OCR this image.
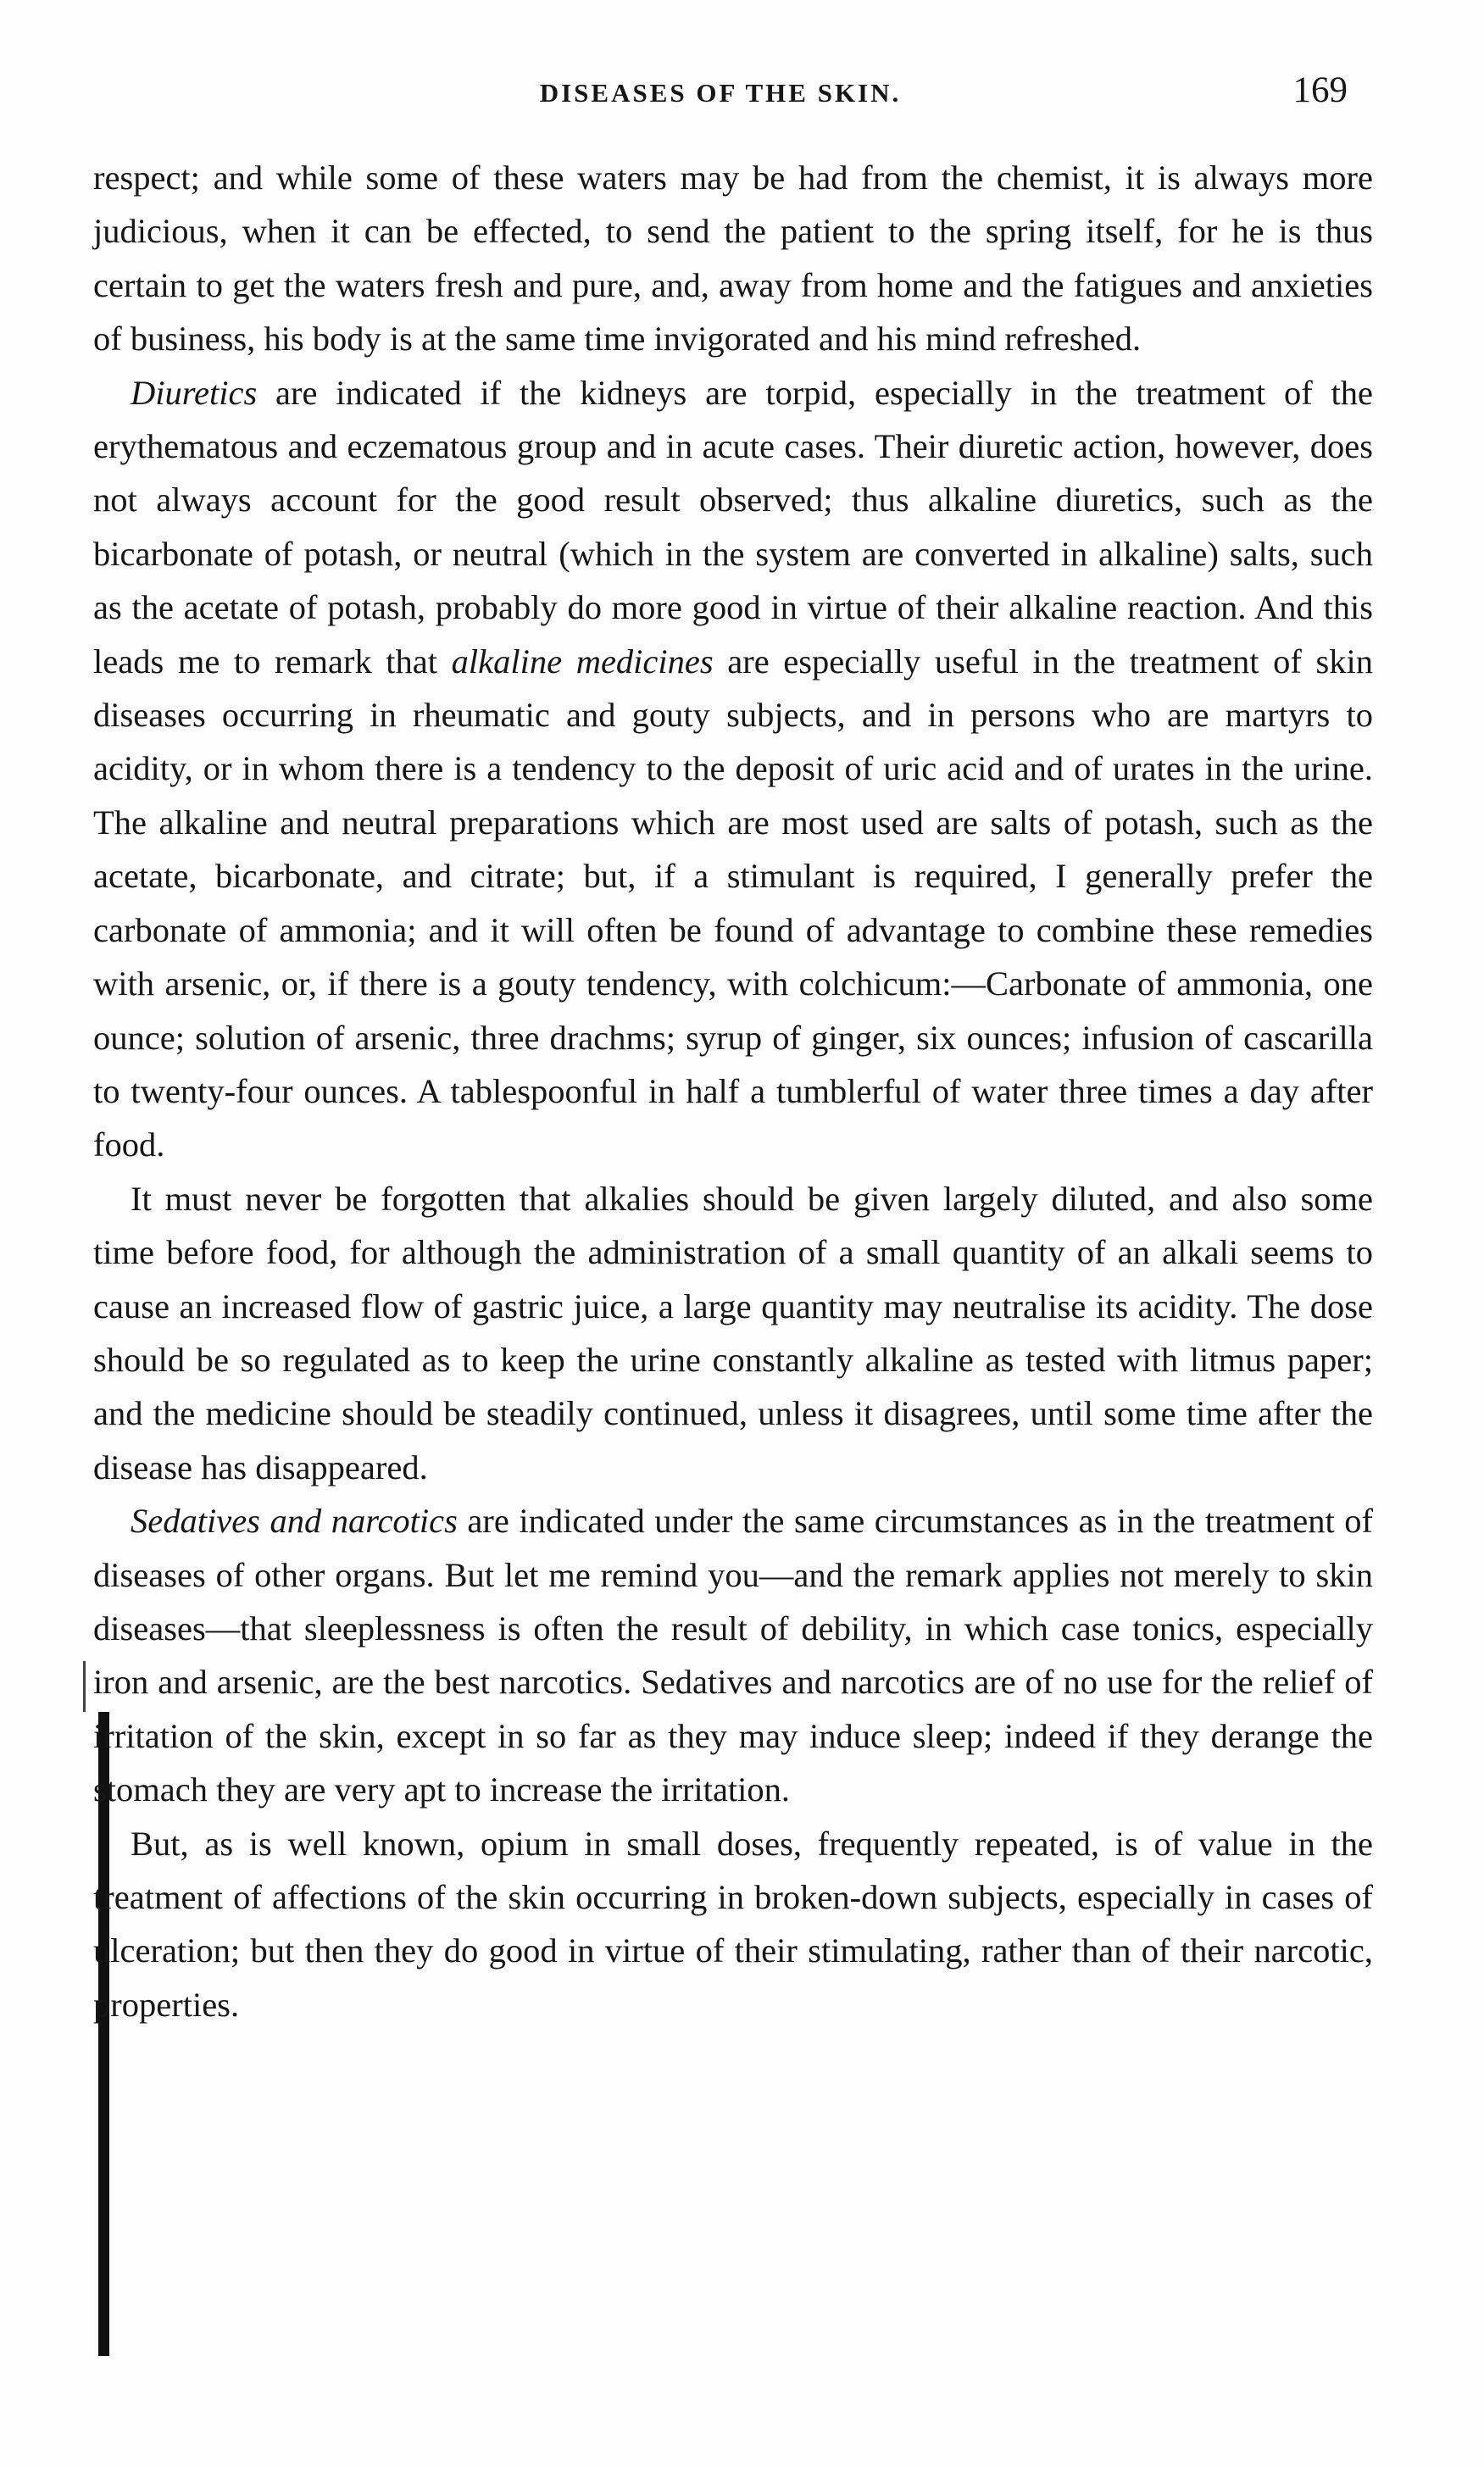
DISEASES OF THE SKIN.	169

respect; and while some of these waters may be had from the chemist, it is always more judicious, when it can be effected, to send the patient to the spring itself, for he is thus certain to get the waters fresh and pure, and, away from home and the fatigues and anxieties of business, his body is at the same time invigorated and his mind refreshed.

Diuretics are indicated if the kidneys are torpid, especially in the treatment of the erythematous and eczematous group and in acute cases. Their diuretic action, however, does not always account for the good result observed; thus alkaline diuretics, such as the bicarbonate of potash, or neutral (which in the system are converted in alkaline) salts, such as the acetate of potash, probably do more good in virtue of their alkaline reaction. And this leads me to remark that alkaline medicines are especially useful in the treatment of skin diseases occurring in rheumatic and gouty subjects, and in persons who are martyrs to acidity, or in whom there is a tendency to the deposit of uric acid and of urates in the urine. The alkaline and neutral preparations which are most used are salts of potash, such as the acetate, bicarbonate, and citrate; but, if a stimulant is required, I generally prefer the carbonate of ammonia; and it will often be found of advantage to combine these remedies with arsenic, or, if there is a gouty tendency, with colchicum:—Carbonate of ammonia, one ounce; solution of arsenic, three drachms; syrup of ginger, six ounces; infusion of cascarilla to twenty-four ounces. A tablespoonful in half a tumblerful of water three times a day after food.

It must never be forgotten that alkalies should be given largely diluted, and also some time before food, for although the administration of a small quantity of an alkali seems to cause an increased flow of gastric juice, a large quantity may neutralise its acidity. The dose should be so regulated as to keep the urine constantly alkaline as tested with litmus paper; and the medicine should be steadily continued, unless it disagrees, until some time after the disease has disappeared.

Sedatives and narcotics are indicated under the same circumstances as in the treatment of diseases of other organs. But let me remind you—and the remark applies not merely to skin diseases—that sleeplessness is often the result of debility, in which case tonics, especially iron and arsenic, are the best narcotics. Sedatives and narcotics are of no use for the relief of irritation of the skin, except in so far as they may induce sleep; indeed if they derange the stomach they are very apt to increase the irritation.

But, as is well known, opium in small doses, frequently repeated, is of value in the treatment of affections of the skin occurring in broken-down subjects, especially in cases of ulceration; but then they do good in virtue of their stimulating, rather than of their narcotic, properties.
